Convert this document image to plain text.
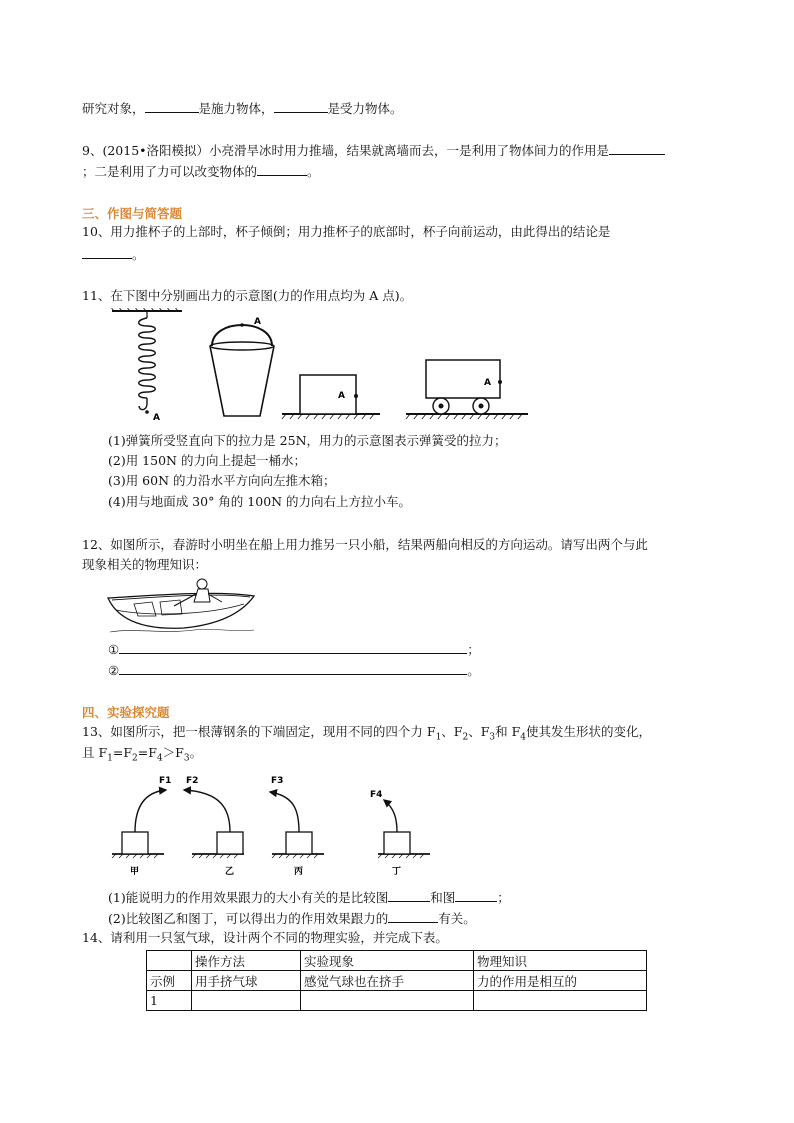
研究对象，	是施力物体，	是受力物体。
9、(2015•洛阳模拟）小亮滑旱冰时用力推墙，结果就离墙而去，一是利用了物体间力的作用是
；二是利用了力可以改变物体的	。
三、作图与简答题
10、用力推杯子的上部时，杯子倾倒；用力推杯子的底部时，杯子向前运动，由此得出的结论是
。
11、在下图中分别画出力的示意图(力的作用点均为 A 点)。
A
A
A
A
(1)弹簧所受竖直向下的拉力是 25N，用力的示意图表示弹簧受的拉力；
(2)用 150N 的力向上提起一桶水；
(3)用 60N 的力沿水平方向向左推木箱；
(4)用与地面成 30° 角的 100N 的力向右上方拉小车。
12、如图所示，春游时小明坐在船上用力推另一只小船，结果两船向相反的方向运动。请写出两个与此
现象相关的物理知识：
①	；
②	。
四、实验探究题
13、如图所示，把一根薄钢条的下端固定，现用不同的四个力 $F_1$、$F_2$、$F_3$和 $F_4$使其发生形状的变化，
且 $F_1=F_2=F_4>F_3$。
F1
甲
F2
乙
F3
丙
F4
丁
(1)能说明力的作用效果跟力的大小有关的是比较图	和图	；
(2)比较图乙和图丁，可以得出力的作用效果跟力的	有关。
14、请利用一只氢气球，设计两个不同的物理实验，并完成下表。
	操作方法	实验现象	物理知识
示例	用手挤气球	感觉气球也在挤手	力的作用是相互的
1			
